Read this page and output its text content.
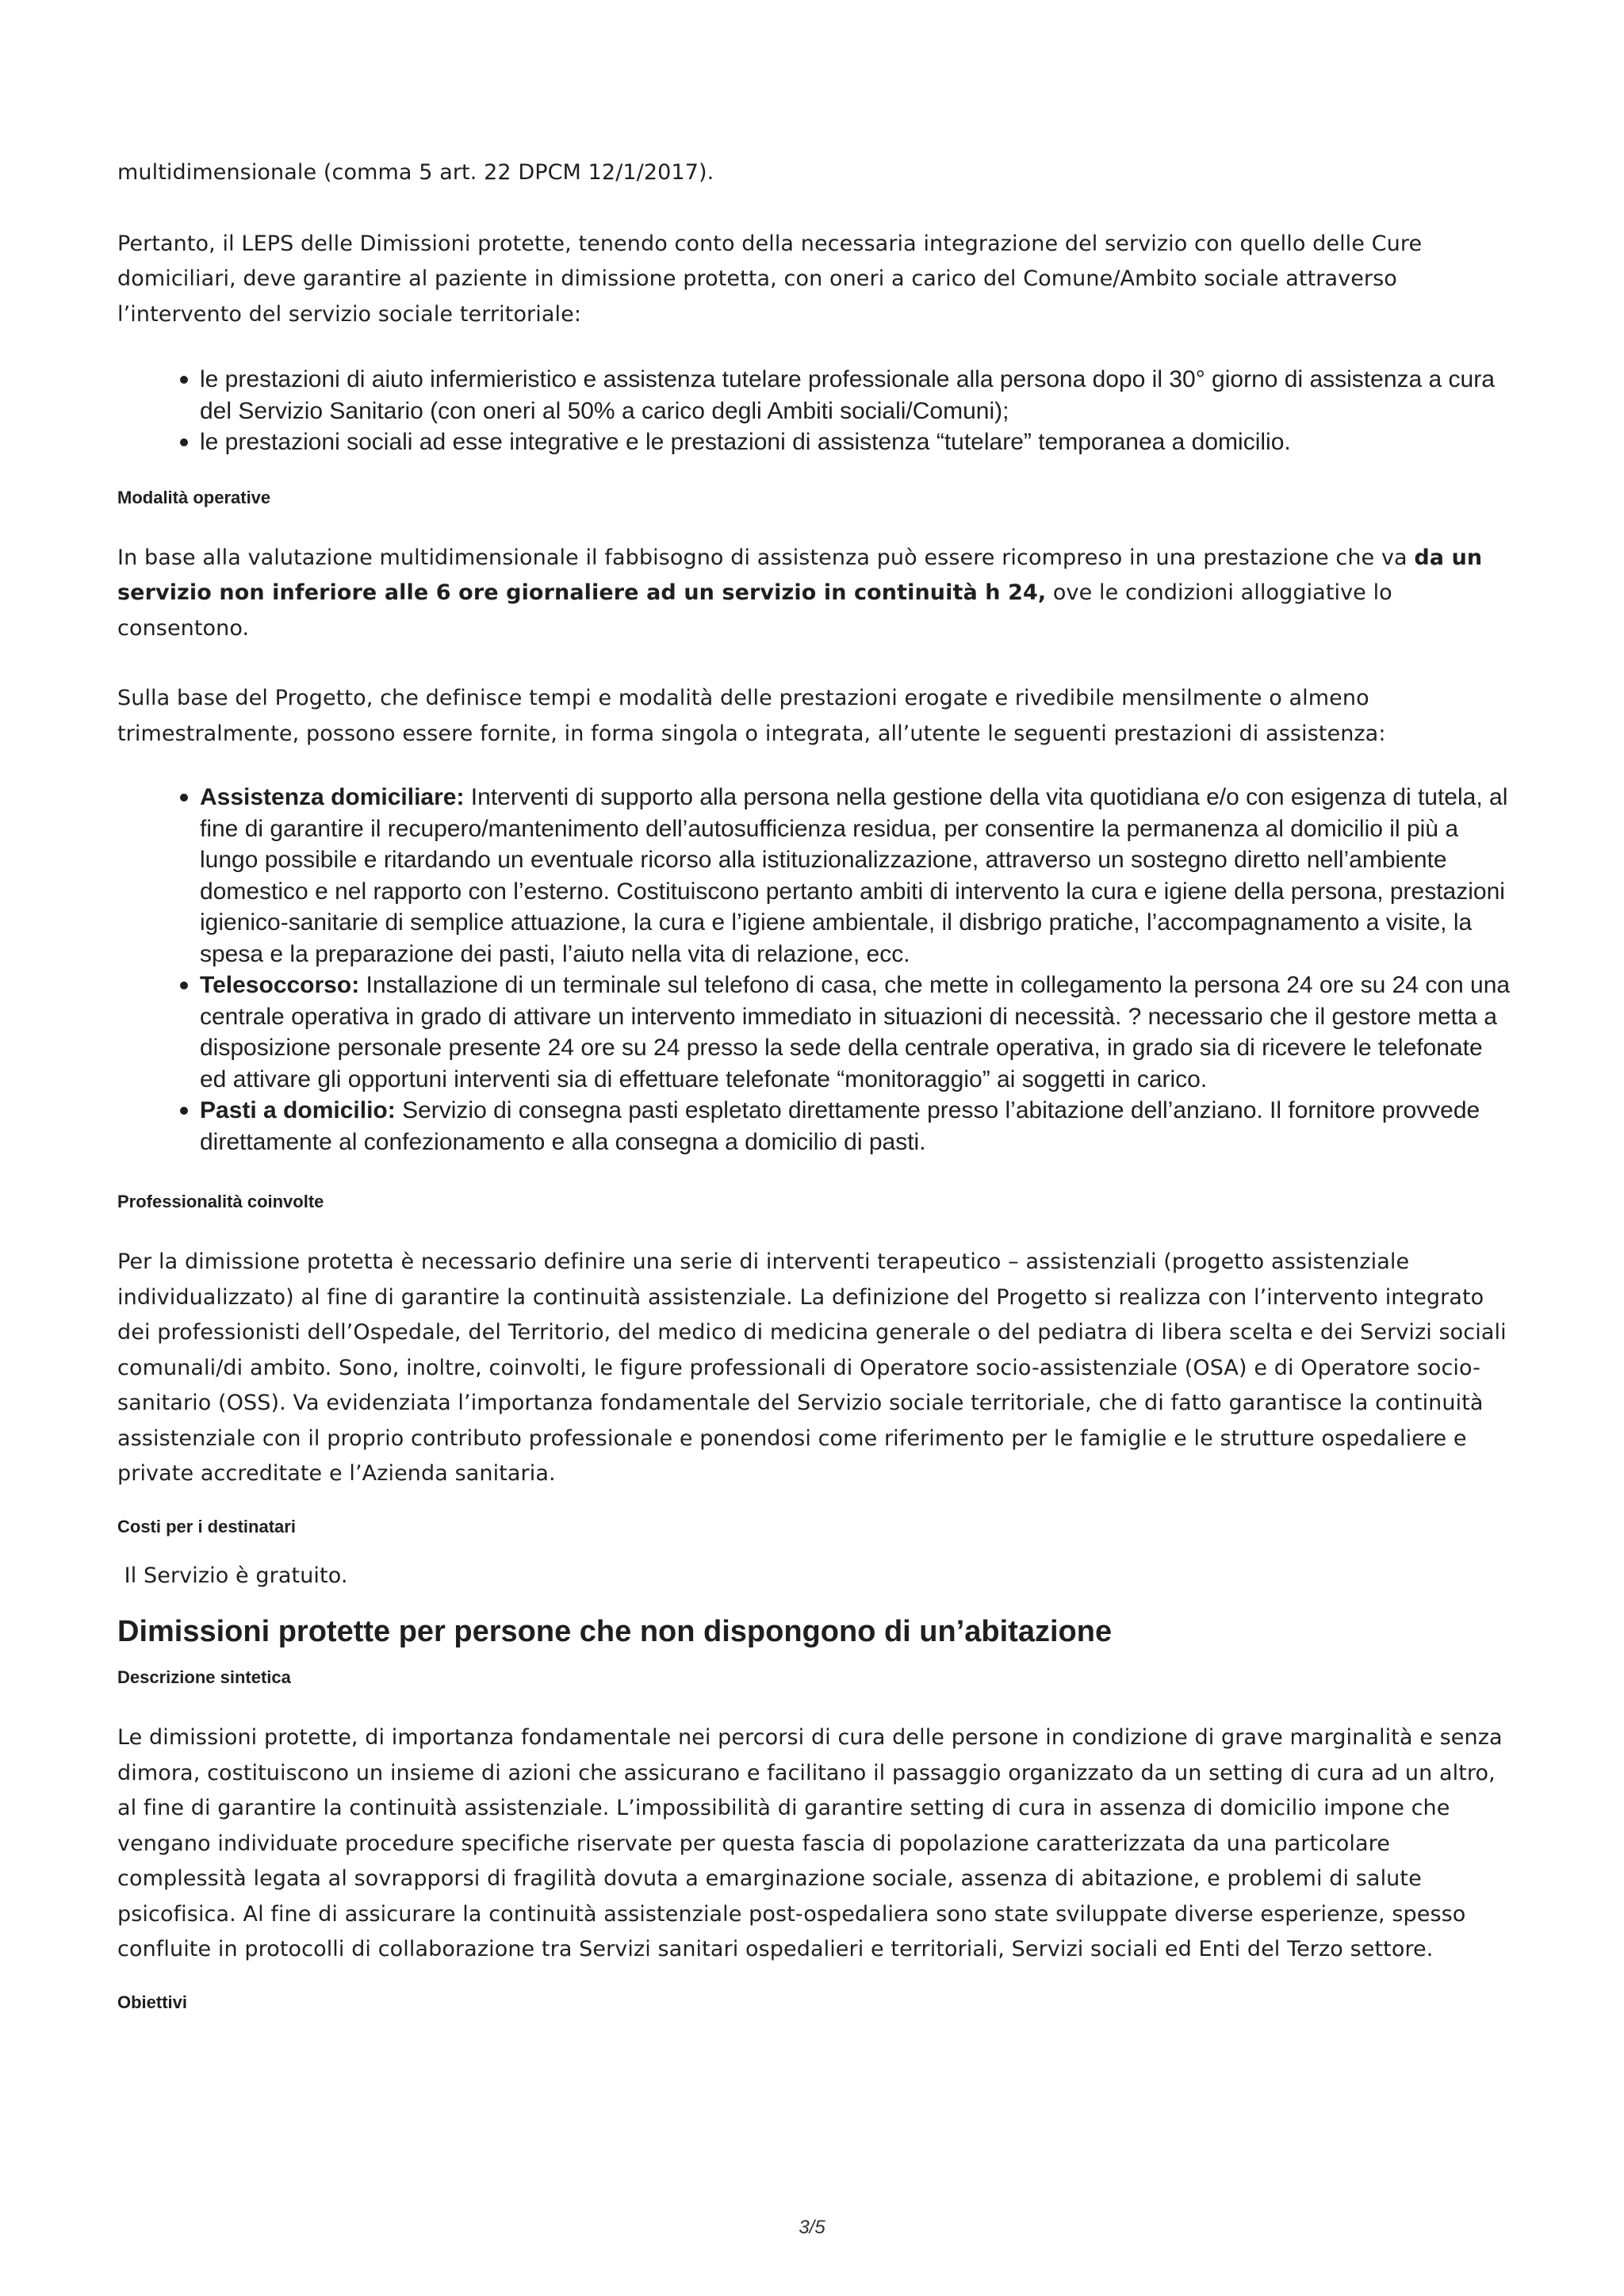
multidimensionale (comma 5 art. 22 DPCM 12/1/2017).

Pertanto, il LEPS delle Dimissioni protette, tenendo conto della necessaria integrazione del servizio con quello delle Cure domiciliari, deve garantire al paziente in dimissione protetta, con oneri a carico del Comune/Ambito sociale attraverso l’intervento del servizio sociale territoriale:

le prestazioni di aiuto infermieristico e assistenza tutelare professionale alla persona dopo il 30° giorno di assistenza a cura del Servizio Sanitario (con oneri al 50% a carico degli Ambiti sociali/Comuni);
le prestazioni sociali ad esse integrative e le prestazioni di assistenza “tutelare” temporanea a domicilio.
Modalità operative

In base alla valutazione multidimensionale il fabbisogno di assistenza può essere ricompreso in una prestazione che va da un servizio non inferiore alle 6 ore giornaliere ad un servizio in continuità h 24, ove le condizioni alloggiative lo consentono.

Sulla base del Progetto, che definisce tempi e modalità delle prestazioni erogate e rivedibile mensilmente o almeno trimestralmente, possono essere fornite, in forma singola o integrata, all’utente le seguenti prestazioni di assistenza:

Assistenza domiciliare: Interventi di supporto alla persona nella gestione della vita quotidiana e/o con esigenza di tutela, al fine di garantire il recupero/mantenimento dell’autosufficienza residua, per consentire la permanenza al domicilio il più a lungo possibile e ritardando un eventuale ricorso alla istituzionalizzazione, attraverso un sostegno diretto nell’ambiente domestico e nel rapporto con l’esterno. Costituiscono pertanto ambiti di intervento la cura e igiene della persona, prestazioni igienico-sanitarie di semplice attuazione, la cura e l’igiene ambientale, il disbrigo pratiche, l’accompagnamento a visite, la spesa e la preparazione dei pasti, l’aiuto nella vita di relazione, ecc.
Telesoccorso: Installazione di un terminale sul telefono di casa, che mette in collegamento la persona 24 ore su 24 con una centrale operativa in grado di attivare un intervento immediato in situazioni di necessità. ? necessario che il gestore metta a disposizione personale presente 24 ore su 24 presso la sede della centrale operativa, in grado sia di ricevere le telefonate ed attivare gli opportuni interventi sia di effettuare telefonate “monitoraggio” ai soggetti in carico.
Pasti a domicilio: Servizio di consegna pasti espletato direttamente presso l’abitazione dell’anziano. Il fornitore provvede direttamente al confezionamento e alla consegna a domicilio di pasti.
Professionalità coinvolte

Per la dimissione protetta è necessario definire una serie di interventi terapeutico – assistenziali (progetto assistenziale individualizzato) al fine di garantire la continuità assistenziale. La definizione del Progetto si realizza con l’intervento integrato dei professionisti dell’Ospedale, del Territorio, del medico di medicina generale o del pediatra di libera scelta e dei Servizi sociali comunali/di ambito. Sono, inoltre, coinvolti, le figure professionali di Operatore socio-assistenziale (OSA) e di Operatore socio-sanitario (OSS). Va evidenziata l’importanza fondamentale del Servizio sociale territoriale, che di fatto garantisce la continuità assistenziale con il proprio contributo professionale e ponendosi come riferimento per le famiglie e le strutture ospedaliere e private accreditate e l’Azienda sanitaria.

Costi per i destinatari

Il Servizio è gratuito.

Dimissioni protette per persone che non dispongono di un’abitazione
Descrizione sintetica

Le dimissioni protette, di importanza fondamentale nei percorsi di cura delle persone in condizione di grave marginalità e senza dimora, costituiscono un insieme di azioni che assicurano e facilitano il passaggio organizzato da un setting di cura ad un altro, al fine di garantire la continuità assistenziale. L’impossibilità di garantire setting di cura in assenza di domicilio impone che vengano individuate procedure specifiche riservate per questa fascia di popolazione caratterizzata da una particolare complessità legata al sovrapporsi di fragilità dovuta a emarginazione sociale, assenza di abitazione, e problemi di salute psicofisica. Al fine di assicurare la continuità assistenziale post-ospedaliera sono state sviluppate diverse esperienze, spesso confluite in protocolli di collaborazione tra Servizi sanitari ospedalieri e territoriali, Servizi sociali ed Enti del Terzo settore.

Obiettivi
3/5
